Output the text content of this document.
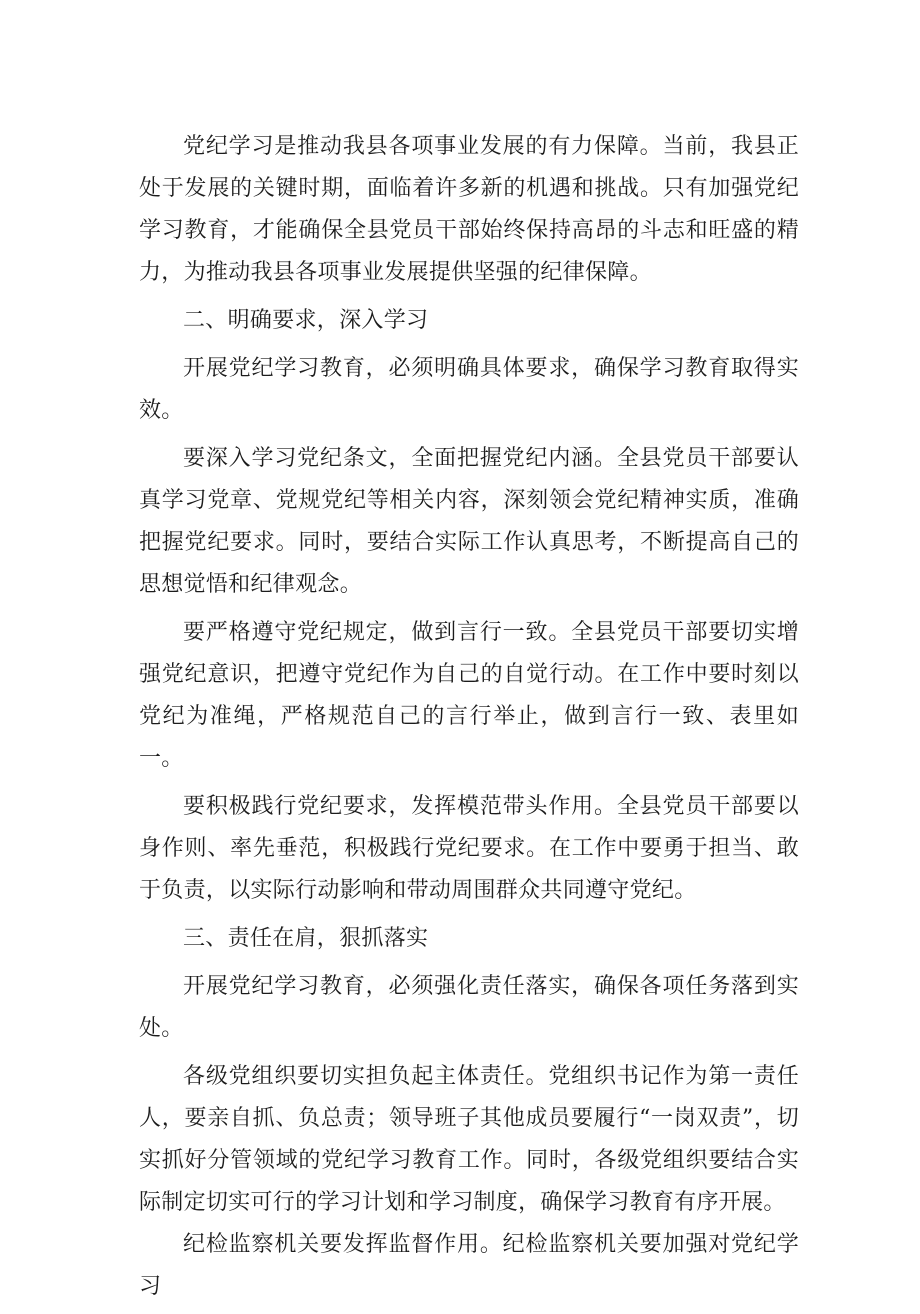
党纪学习是推动我县各项事业发展的有力保障。当前，我县正处于发展的关键时期，面临着许多新的机遇和挑战。只有加强党纪学习教育，才能确保全县党员干部始终保持高昂的斗志和旺盛的精力，为推动我县各项事业发展提供坚强的纪律保障。

二、明确要求，深入学习

开展党纪学习教育，必须明确具体要求，确保学习教育取得实效。

要深入学习党纪条文，全面把握党纪内涵。全县党员干部要认真学习党章、党规党纪等相关内容，深刻领会党纪精神实质，准确把握党纪要求。同时，要结合实际工作认真思考，不断提高自己的思想觉悟和纪律观念。

要严格遵守党纪规定，做到言行一致。全县党员干部要切实增强党纪意识，把遵守党纪作为自己的自觉行动。在工作中要时刻以党纪为准绳，严格规范自己的言行举止，做到言行一致、表里如一。

要积极践行党纪要求，发挥模范带头作用。全县党员干部要以身作则、率先垂范，积极践行党纪要求。在工作中要勇于担当、敢于负责，以实际行动影响和带动周围群众共同遵守党纪。

三、责任在肩，狠抓落实

开展党纪学习教育，必须强化责任落实，确保各项任务落到实处。

各级党组织要切实担负起主体责任。党组织书记作为第一责任人，要亲自抓、负总责；领导班子其他成员要履行“一岗双责”，切实抓好分管领域的党纪学习教育工作。同时，各级党组织要结合实际制定切实可行的学习计划和学习制度，确保学习教育有序开展。

纪检监察机关要发挥监督作用。纪检监察机关要加强对党纪学习
